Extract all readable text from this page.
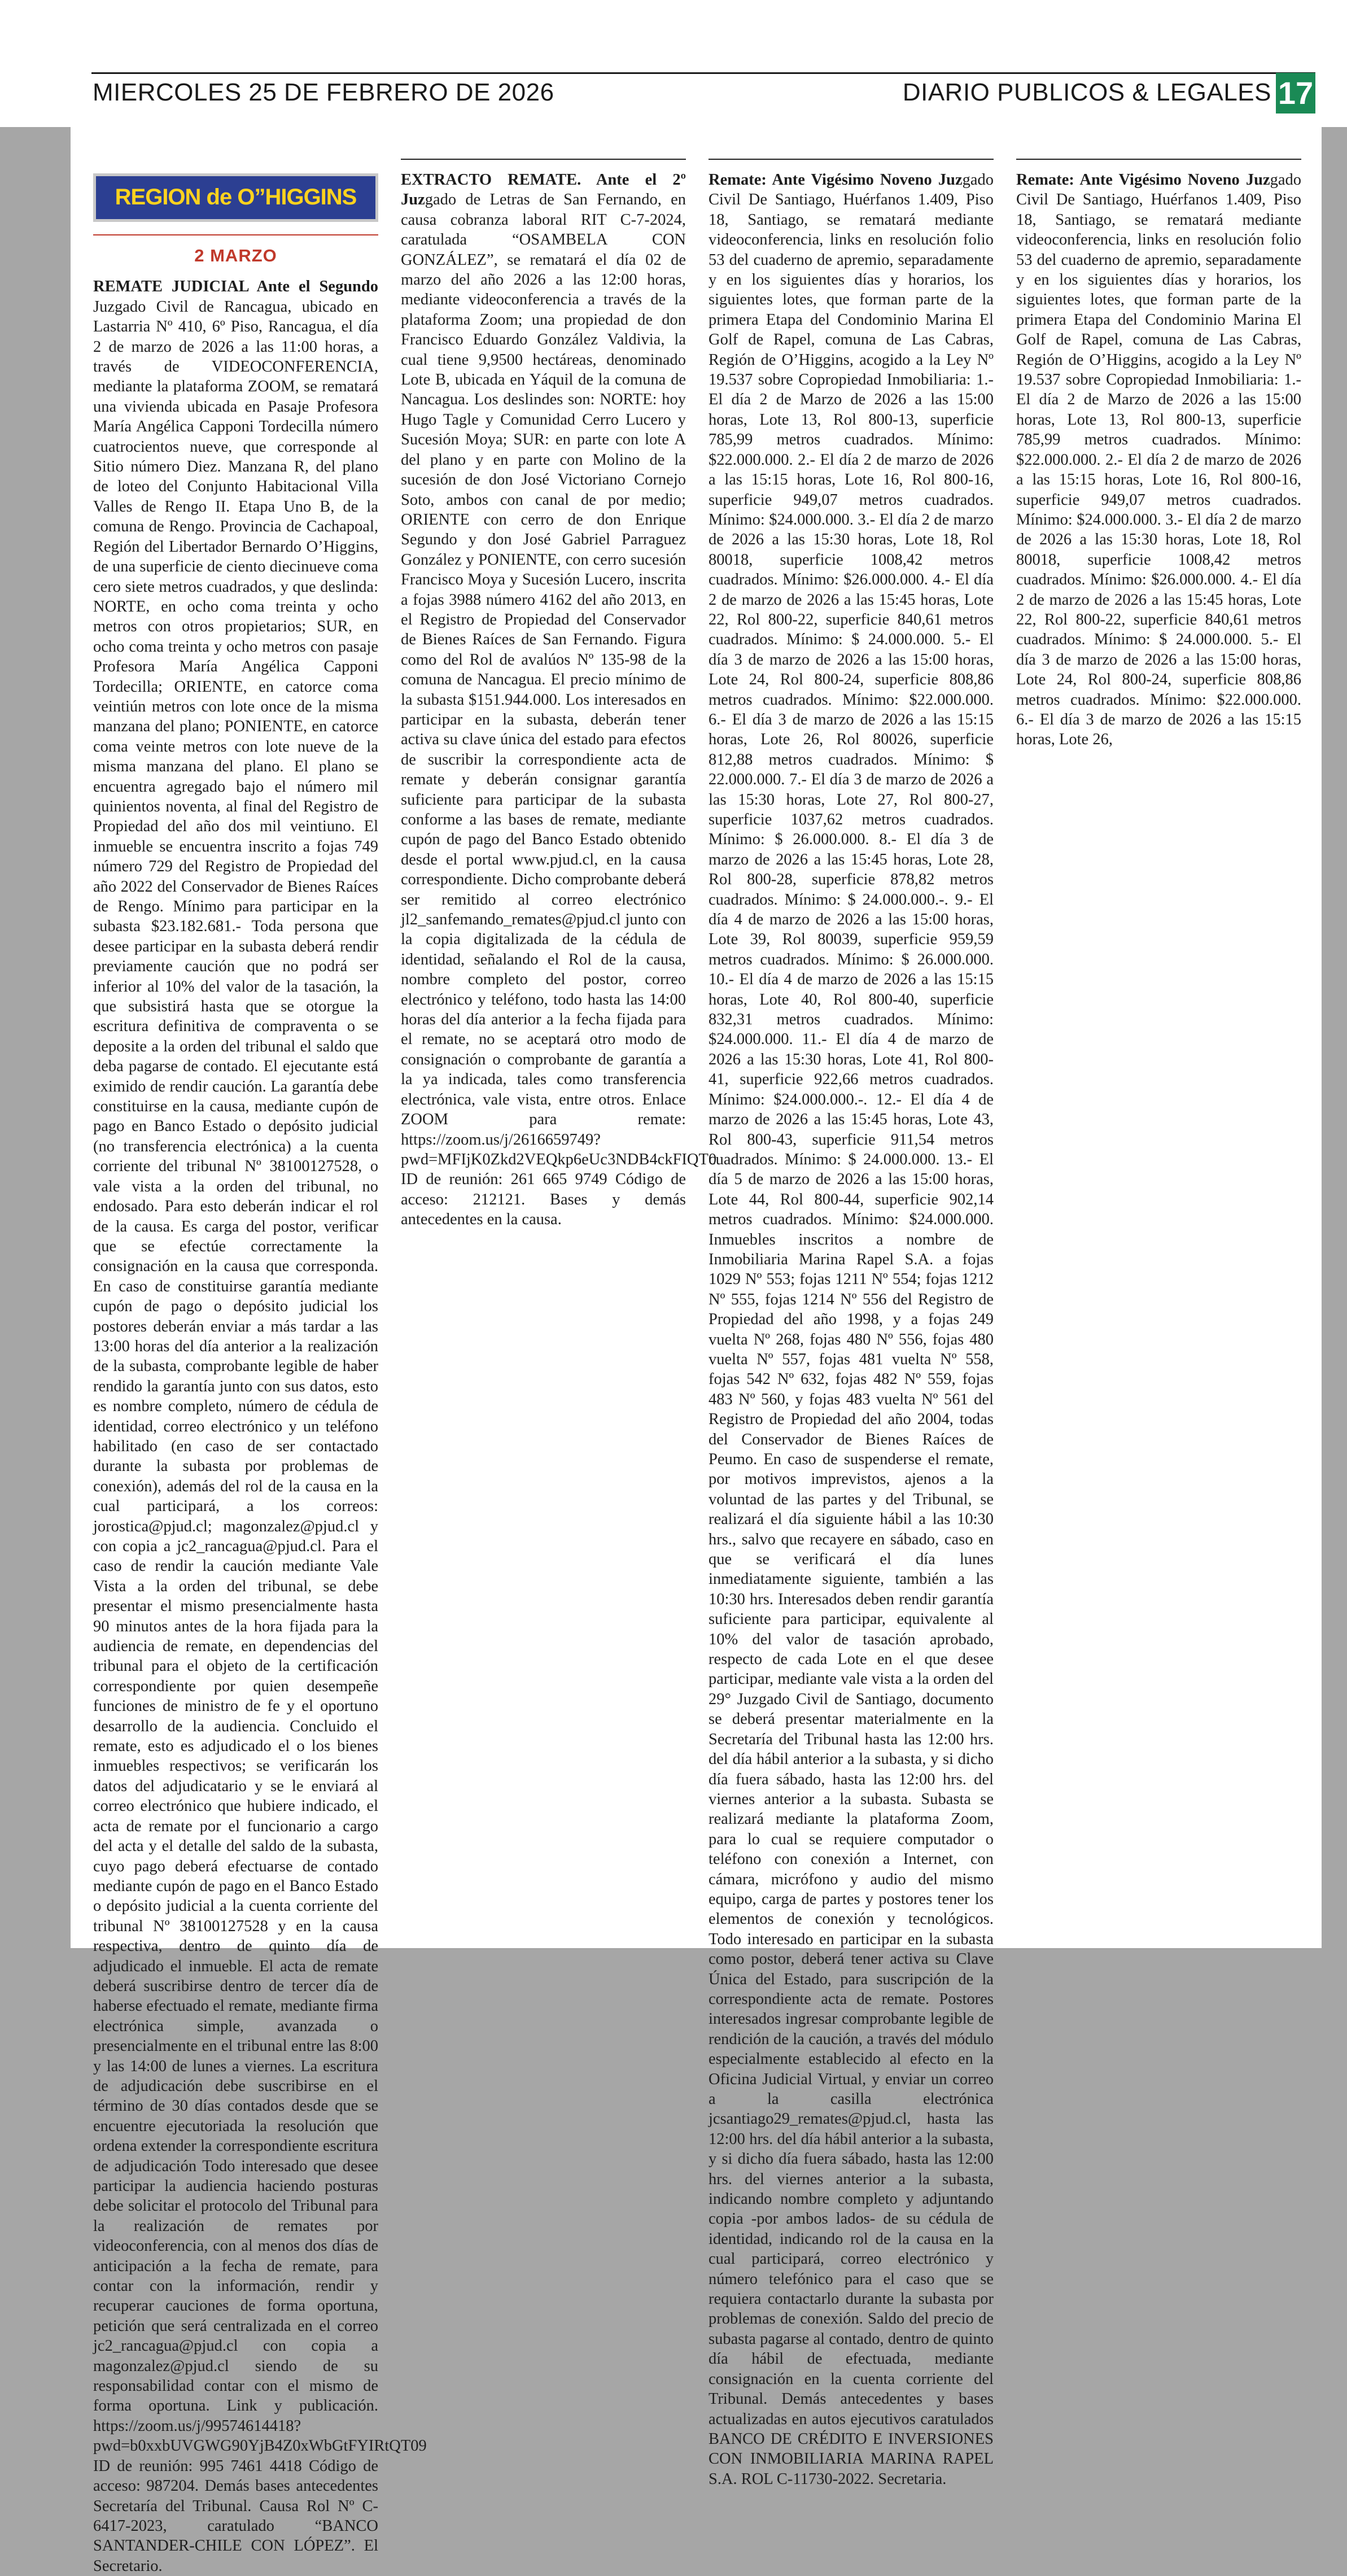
MIERCOLES 25 DE FEBRERO DE 2026	DIARIO PUBLICOS & LEGALES 17
REGION de O”HIGGINS
2 MARZO

REMATE JUDICIAL Ante el Segundo Juzgado Civil de Rancagua, ubicado en Lastarria Nº 410, 6º Piso, Rancagua, el día 2 de marzo de 2026 a las 11:00 horas, a través de VIDEOCONFERENCIA, mediante la plataforma ZOOM, se rematará una vivienda ubicada en Pasaje Profesora María Angélica Capponi Tordecilla número cuatrocientos nueve, que corresponde al Sitio número Diez. Manzana R, del plano de loteo del Conjunto Habitacional Villa Valles de Rengo II. Etapa Uno B, de la comuna de Rengo. Provincia de Cachapoal, Región del Libertador Bernardo O’Higgins, de una superficie de ciento diecinueve coma cero siete metros cuadrados, y que deslinda: NORTE, en ocho coma treinta y ocho metros con otros propietarios; SUR, en ocho coma treinta y ocho metros con pasaje Profesora María Angélica Capponi Tordecilla; ORIENTE, en catorce coma veintiún metros con lote once de la misma manzana del plano; PONIENTE, en catorce coma veinte metros con lote nueve de la misma manzana del plano. El plano se encuentra agregado bajo el número mil quinientos noventa, al final del Registro de Propiedad del año dos mil veintiuno. El inmueble se encuentra inscrito a fojas 749 número 729 del Registro de Propiedad del año 2022 del Conservador de Bienes Raíces de Rengo. Mínimo para participar en la subasta $23.182.681.- Toda persona que desee participar en la subasta deberá rendir previamente caución que no podrá ser inferior al 10% del valor de la tasación, la que subsistirá hasta que se otorgue la escritura definitiva de compraventa o se deposite a la orden del tribunal el saldo que deba pagarse de contado. El ejecutante está eximido de rendir caución. La garantía debe constituirse en la causa, mediante cupón de pago en Banco Estado o depósito judicial (no transferencia electrónica) a la cuenta corriente del tribunal Nº 38100127528, o vale vista a la orden del tribunal, no endosado. Para esto deberán indicar el rol de la causa. Es carga del postor, verificar que se efectúe correctamente la consignación en la causa que corresponda. En caso de constituirse garantía mediante cupón de pago o depósito judicial los postores deberán enviar a más tardar a las 13:00 horas del día anterior a la realización de la subasta, comprobante legible de haber rendido la garantía junto con sus datos, esto es nombre completo, número de cédula de identidad, correo electrónico y un teléfono habilitado (en caso de ser contactado durante la subasta por problemas de conexión), además del rol de la causa en la cual participará, a los correos: jorostica@pjud.cl; magonzalez@pjud.cl y con copia a jc2_rancagua@pjud.cl. Para el caso de rendir la caución mediante Vale Vista a la orden del tribunal, se debe presentar el mismo presencialmente hasta 90 minutos antes de la hora fijada para la audiencia de remate, en dependencias del tribunal para el objeto de la certificación correspondiente por quien desempeñe funciones de ministro de fe y el oportuno desarrollo de la audiencia. Concluido el remate, esto es adjudicado el o los bienes inmuebles respectivos; se verificarán los datos del adjudicatario y se le enviará al correo electrónico que hubiere indicado, el acta de remate por el funcionario a cargo del acta y el detalle del saldo de la subasta, cuyo pago deberá efectuarse de contado mediante cupón de pago en el Banco Estado o depósito judicial a la cuenta corriente del tribunal Nº 38100127528 y en la causa respectiva, dentro de quinto día de adjudicado el inmueble. El acta de remate deberá suscribirse dentro de tercer día de haberse efectuado el remate, mediante firma electrónica simple, avanzada o presencialmente en el tribunal entre las 8:00 y las 14:00 de lunes a viernes. La escritura de adjudicación debe suscribirse en el término de 30 días contados desde que se encuentre ejecutoriada la resolución que ordena extender la correspondiente escritura de adjudicación Todo interesado que desee participar la audiencia haciendo posturas debe solicitar el protocolo del Tribunal para la realización de remates por videoconferencia, con al menos dos días de anticipación a la fecha de remate, para contar con la información, rendir y recuperar cauciones de forma oportuna, petición que será centralizada en el correo jc2_rancagua@pjud.cl con copia a magonzalez@pjud.cl siendo de su responsabilidad contar con el mismo de forma oportuna. Link y publicación. https://zoom.us/j/99574614418?pwd=b0xxbUVGWG90YjB4Z0xWbGtFYIRtQT09 ID de reunión: 995 7461 4418 Código de acceso: 987204. Demás bases antecedentes Secretaría del Tribunal. Causa Rol Nº C-6417-2023, caratulado “BANCO SANTANDER-CHILE CON LÓPEZ”. El Secretario.

EXTRACTO REMATE. Ante el 2º Juzgado de Letras de San Fernando, en causa cobranza laboral RIT C-7-2024, caratulada “OSAMBELA CON GONZÁLEZ”, se rematará el día 02 de marzo del año 2026 a las 12:00 horas, mediante videoconferencia a través de la plataforma Zoom; una propiedad de don Francisco Eduardo González Valdivia, la cual tiene 9,9500 hectáreas, denominado Lote B, ubicada en Yáquil de la comuna de Nancagua. Los deslindes son: NORTE: hoy Hugo Tagle y Comunidad Cerro Lucero y Sucesión Moya; SUR: en parte con lote A del plano y en parte con Molino de la sucesión de don José Victoriano Cornejo Soto, ambos con canal de por medio; ORIENTE con cerro de don Enrique Segundo y don José Gabriel Parraguez González y PONIENTE, con cerro sucesión Francisco Moya y Sucesión Lucero, inscrita a fojas 3988 número 4162 del año 2013, en el Registro de Propiedad del Conservador de Bienes Raíces de San Fernando. Figura como del Rol de avalúos Nº 135-98 de la comuna de Nancagua. El precio mínimo de la subasta $151.944.000. Los interesados en participar en la subasta, deberán tener activa su clave única del estado para efectos de suscribir la correspondiente acta de remate y deberán consignar garantía suficiente para participar de la subasta conforme a las bases de remate, mediante cupón de pago del Banco Estado obtenido desde el portal www.pjud.cl, en la causa correspondiente. Dicho comprobante deberá ser remitido al correo electrónico jl2_sanfemando_remates@pjud.cl junto con la copia digitalizada de la cédula de identidad, señalando el Rol de la causa, nombre completo del postor, correo electrónico y teléfono, todo hasta las 14:00 horas del día anterior a la fecha fijada para el remate, no se aceptará otro modo de consignación o comprobante de garantía a la ya indicada, tales como transferencia electrónica, vale vista, entre otros. Enlace ZOOM para remate: https://zoom.us/j/2616659749?pwd=MFIjK0Zkd2VEQkp6eUc3NDB4ckFIQT0 ID de reunión: 261 665 9749 Código de acceso: 212121. Bases y demás antecedentes en la causa.

Remate: Ante Vigésimo Noveno Juzgado Civil De Santiago, Huérfanos 1.409, Piso 18, Santiago, se rematará mediante videoconferencia, links en resolución folio 53 del cuaderno de apremio, separadamente y en los siguientes días y horarios, los siguientes lotes, que forman parte de la primera Etapa del Condominio Marina El Golf de Rapel, comuna de Las Cabras, Región de O’Higgins, acogido a la Ley Nº 19.537 sobre Copropiedad Inmobiliaria: 1.- El día 2 de Marzo de 2026 a las 15:00 horas, Lote 13, Rol 800-13, superficie 785,99 metros cuadrados. Mínimo: $22.000.000. 2.- El día 2 de marzo de 2026 a las 15:15 horas, Lote 16, Rol 800-16, superficie 949,07 metros cuadrados. Mínimo: $24.000.000. 3.- El día 2 de marzo de 2026 a las 15:30 horas, Lote 18, Rol 80018, superficie 1008,42 metros cuadrados. Mínimo: $26.000.000. 4.- El día 2 de marzo de 2026 a las 15:45 horas, Lote 22, Rol 800-22, superficie 840,61 metros cuadrados. Mínimo: $ 24.000.000. 5.- El día 3 de marzo de 2026 a las 15:00 horas, Lote 24, Rol 800-24, superficie 808,86 metros cuadrados. Mínimo: $22.000.000. 6.- El día 3 de marzo de 2026 a las 15:15 horas, Lote 26, Rol 80026, superficie 812,88 metros cuadrados. Mínimo: $ 22.000.000. 7.- El día 3 de marzo de 2026 a las 15:30 horas, Lote 27, Rol 800-27, superficie 1037,62 metros cuadrados. Mínimo: $ 26.000.000. 8.- El día 3 de marzo de 2026 a las 15:45 horas, Lote 28, Rol 800-28, superficie 878,82 metros cuadrados. Mínimo: $ 24.000.000.-. 9.- El día 4 de marzo de 2026 a las 15:00 horas, Lote 39, Rol 80039, superficie 959,59 metros cuadrados. Mínimo: $ 26.000.000. 10.- El día 4 de marzo de 2026 a las 15:15 horas, Lote 40, Rol 800-40, superficie 832,31 metros cuadrados. Mínimo: $24.000.000. 11.- El día 4 de marzo de 2026 a las 15:30 horas, Lote 41, Rol 800-41, superficie 922,66 metros cuadrados. Mínimo: $24.000.000.-. 12.- El día 4 de marzo de 2026 a las 15:45 horas, Lote 43, Rol 800-43, superficie 911,54 metros cuadrados. Mínimo: $ 24.000.000. 13.- El día 5 de marzo de 2026 a las 15:00 horas, Lote 44, Rol 800-44, superficie 902,14 metros cuadrados. Mínimo: $24.000.000. Inmuebles inscritos a nombre de Inmobiliaria Marina Rapel S.A. a fojas 1029 Nº 553; fojas 1211 Nº 554; fojas 1212 Nº 555, fojas 1214 Nº 556 del Registro de Propiedad del año 1998, y a fojas 249 vuelta Nº 268, fojas 480 Nº 556, fojas 480 vuelta Nº 557, fojas 481 vuelta Nº 558, fojas 542 Nº 632, fojas 482 Nº 559, fojas 483 Nº 560, y fojas 483 vuelta Nº 561 del Registro de Propiedad del año 2004, todas del Conservador de Bienes Raíces de Peumo. En caso de suspenderse el remate, por motivos imprevistos, ajenos a la voluntad de las partes y del Tribunal, se realizará el día siguiente hábil a las 10:30 hrs., salvo que recayere en sábado, caso en que se verificará el día lunes inmediatamente siguiente, también a las 10:30 hrs. Interesados deben rendir garantía suficiente para participar, equivalente al 10% del valor de tasación aprobado, respecto de cada Lote en el que desee participar, mediante vale vista a la orden del 29° Juzgado Civil de Santiago, documento se deberá presentar materialmente en la Secretaría del Tribunal hasta las 12:00 hrs. del día hábil anterior a la subasta, y si dicho día fuera sábado, hasta las 12:00 hrs. del viernes anterior a la subasta. Subasta se realizará mediante la plataforma Zoom, para lo cual se requiere computador o teléfono con conexión a Internet, con cámara, micrófono y audio del mismo equipo, carga de partes y postores tener los elementos de conexión y tecnológicos. Todo interesado en participar en la subasta como postor, deberá tener activa su Clave Única del Estado, para suscripción de la correspondiente acta de remate. Postores interesados ingresar comprobante legible de rendición de la caución, a través del módulo especialmente establecido al efecto en la Oficina Judicial Virtual, y enviar un correo a la casilla electrónica jcsantiago29_remates@pjud.cl, hasta las 12:00 hrs. del día hábil anterior a la subasta, y si dicho día fuera sábado, hasta las 12:00 hrs. del viernes anterior a la subasta, indicando nombre completo y adjuntando copia -por ambos lados- de su cédula de identidad, indicando rol de la causa en la cual participará, correo electrónico y número telefónico para el caso que se requiera contactarlo durante la subasta por problemas de conexión. Saldo del precio de subasta pagarse al contado, dentro de quinto día hábil de efectuada, mediante consignación en la cuenta corriente del Tribunal. Demás antecedentes y bases actualizadas en autos ejecutivos caratulados BANCO DE CRÉDITO E INVERSIONES CON INMOBILIARIA MARINA RAPEL S.A. ROL C-11730-2022. Secretaria.

Remate: Ante Vigésimo Noveno Juzgado Civil De Santiago, Huérfanos 1.409, Piso 18, Santiago, se rematará mediante videoconferencia, links en resolución folio 53 del cuaderno de apremio, separadamente y en los siguientes días y horarios, los siguientes lotes, que forman parte de la primera Etapa del Condominio Marina El Golf de Rapel, comuna de Las Cabras, Región de O’Higgins, acogido a la Ley Nº 19.537 sobre Copropiedad Inmobiliaria: 1.- El día 2 de Marzo de 2026 a las 15:00 horas, Lote 13, Rol 800-13, superficie 785,99 metros cuadrados. Mínimo: $22.000.000. 2.- El día 2 de marzo de 2026 a las 15:15 horas, Lote 16, Rol 800-16, superficie 949,07 metros cuadrados. Mínimo: $24.000.000. 3.- El día 2 de marzo de 2026 a las 15:30 horas, Lote 18, Rol 80018, superficie 1008,42 metros cuadrados. Mínimo: $26.000.000. 4.- El día 2 de marzo de 2026 a las 15:45 horas, Lote 22, Rol 800-22, superficie 840,61 metros cuadrados. Mínimo: $ 24.000.000. 5.- El día 3 de marzo de 2026 a las 15:00 horas, Lote 24, Rol 800-24, superficie 808,86 metros cuadrados. Mínimo: $22.000.000. 6.- El día 3 de marzo de 2026 a las 15:15 horas, Lote 26,
